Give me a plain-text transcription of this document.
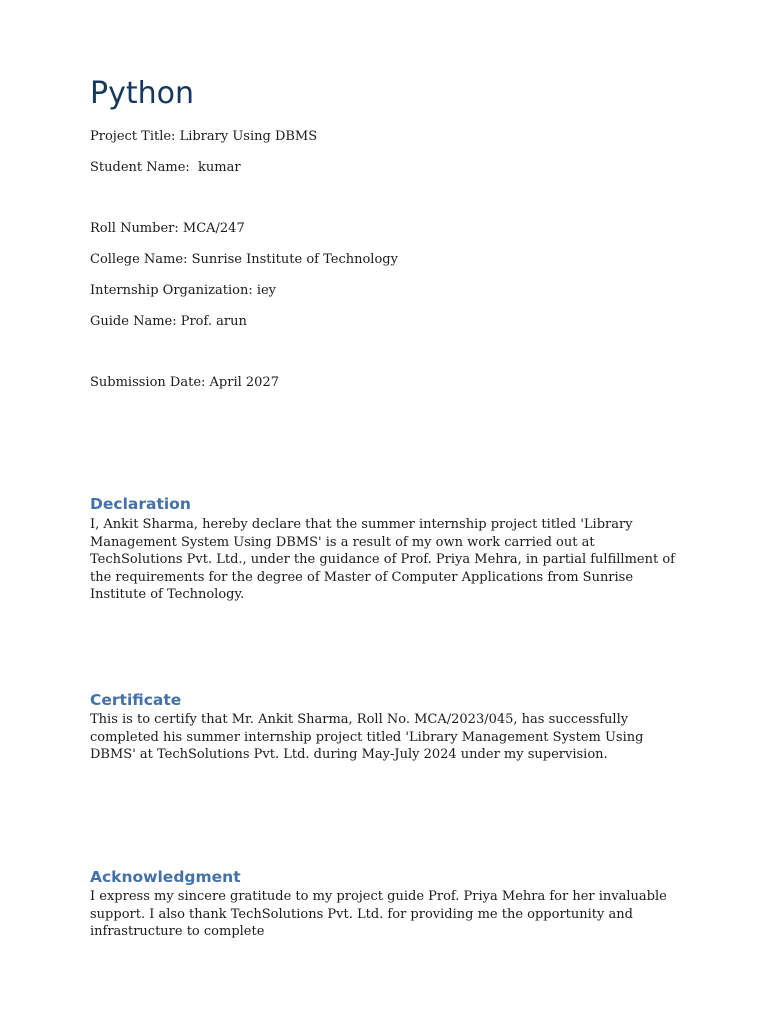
Python

Project Title: Library Using DBMS

Student Name:  kumar

Roll Number: MCA/247

College Name: Sunrise Institute of Technology

Internship Organization: iey

Guide Name: Prof. arun

Submission Date: April 2027

Declaration

I, Ankit Sharma, hereby declare that the summer internship project titled 'Library Management System Using DBMS' is a result of my own work carried out at TechSolutions Pvt. Ltd., under the guidance of Prof. Priya Mehra, in partial fulfillment of the requirements for the degree of Master of Computer Applications from Sunrise Institute of Technology.

Certificate

This is to certify that Mr. Ankit Sharma, Roll No. MCA/2023/045, has successfully completed his summer internship project titled 'Library Management System Using DBMS' at TechSolutions Pvt. Ltd. during May-July 2024 under my supervision.

Acknowledgment

I express my sincere gratitude to my project guide Prof. Priya Mehra for her invaluable support. I also thank TechSolutions Pvt. Ltd. for providing me the opportunity and infrastructure to complete
